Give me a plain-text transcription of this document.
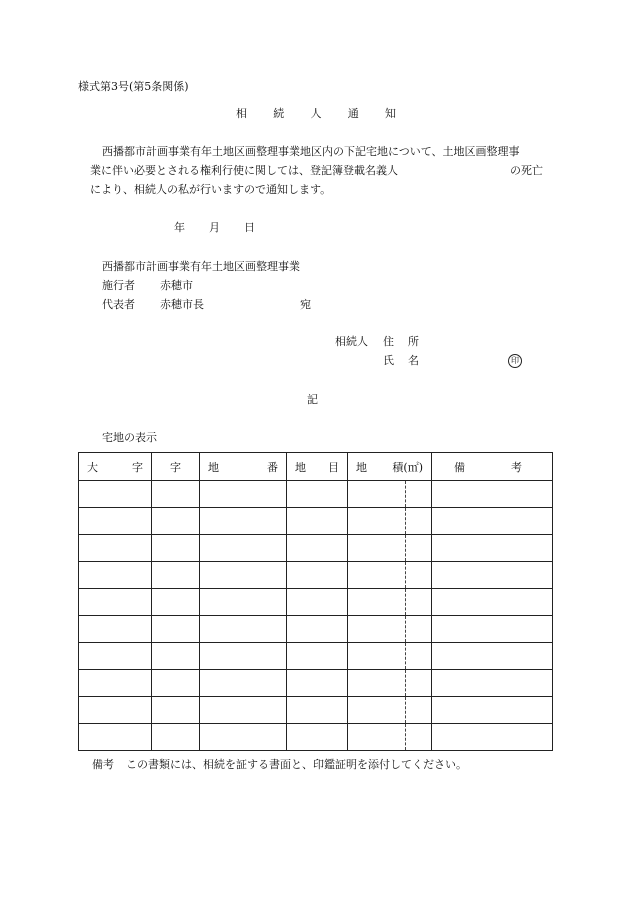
様式第3号(第5条関係)
相 続 人 通 知
西播都市計画事業有年土地区画整理事業地区内の下記宅地について、土地区画整理事
業に伴い必要とされる権利行使に関しては、登記簿登載名義人	の死亡
により、相続人の私が行いますので通知します。
年 月 日
西播都市計画事業有年土地区画整理事業
施行者 赤穂市
代表者 赤穂市長	宛
相続人 住 所
氏 名	印
記
宅地の表示
大 字	字	地 番	地 目	地 積(㎡)	備 考

備考 この書類には、相続を証する書面と、印鑑証明を添付してください。
